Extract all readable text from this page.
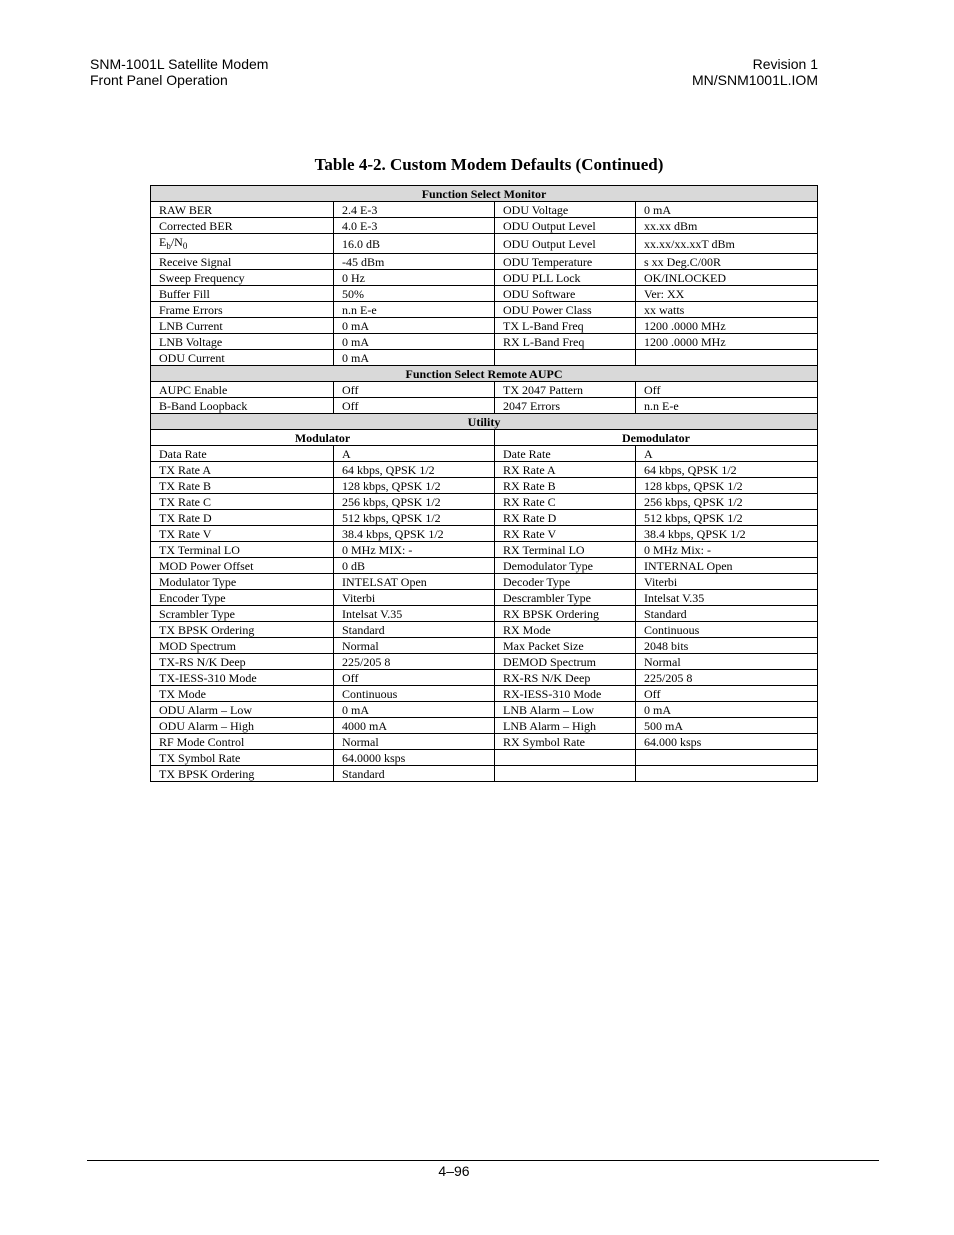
SNM-1001L Satellite Modem
Front Panel Operation
Revision 1
MN/SNM1001L.IOM
Table 4-2. Custom Modem Defaults (Continued)
Function Select Monitor			
RAW BER	2.4 E-3	ODU Voltage	0 mA
Corrected BER	4.0 E-3	ODU Output Level	xx.xx dBm
$E_b/N_0$	16.0 dB	ODU Output Level	xx.xx/xx.xxT dBm
Receive Signal	-45 dBm	ODU Temperature	s xx Deg.C/00R
Sweep Frequency	0 Hz	ODU PLL Lock	OK/INLOCKED
Buffer Fill	50%	ODU Software	Ver: XX
Frame Errors	n.n E-e	ODU Power Class	xx watts
LNB Current	0 mA	TX L-Band Freq	1200 .0000 MHz
LNB Voltage	0 mA	RX L-Band Freq	1200 .0000 MHz
ODU Current	0 mA		
Function Select Remote AUPC			
AUPC Enable	Off	TX 2047 Pattern	Off
B-Band Loopback	Off	2047 Errors	n.n E-e
Utility			
Modulator		Demodulator	
Data Rate	A	Date Rate	A
TX Rate A	64 kbps, QPSK 1/2	RX Rate A	64 kbps, QPSK 1/2
TX Rate B	128 kbps, QPSK 1/2	RX Rate B	128 kbps, QPSK 1/2
TX Rate C	256 kbps, QPSK 1/2	RX Rate C	256 kbps, QPSK 1/2
TX Rate D	512 kbps, QPSK 1/2	RX Rate D	512 kbps, QPSK 1/2
TX Rate V	38.4 kbps, QPSK 1/2	RX Rate V	38.4 kbps, QPSK 1/2
TX Terminal LO	0 MHz MIX: -	RX Terminal LO	0 MHz Mix: -
MOD Power Offset	0 dB	Demodulator Type	INTERNAL Open
Modulator Type	INTELSAT Open	Decoder Type	Viterbi
Encoder Type	Viterbi	Descrambler Type	Intelsat V.35
Scrambler Type	Intelsat V.35	RX BPSK Ordering	Standard
TX BPSK Ordering	Standard	RX Mode	Continuous
MOD Spectrum	Normal	Max Packet Size	2048 bits
TX-RS N/K Deep	225/205 8	DEMOD Spectrum	Normal
TX-IESS-310 Mode	Off	RX-RS N/K Deep	225/205 8
TX Mode	Continuous	RX-IESS-310 Mode	Off
ODU Alarm – Low	0 mA	LNB Alarm – Low	0 mA
ODU Alarm – High	4000 mA	LNB Alarm – High	500 mA
RF Mode Control	Normal	RX Symbol Rate	64.000 ksps
TX Symbol Rate	64.0000 ksps		
TX BPSK Ordering	Standard		
4–96
